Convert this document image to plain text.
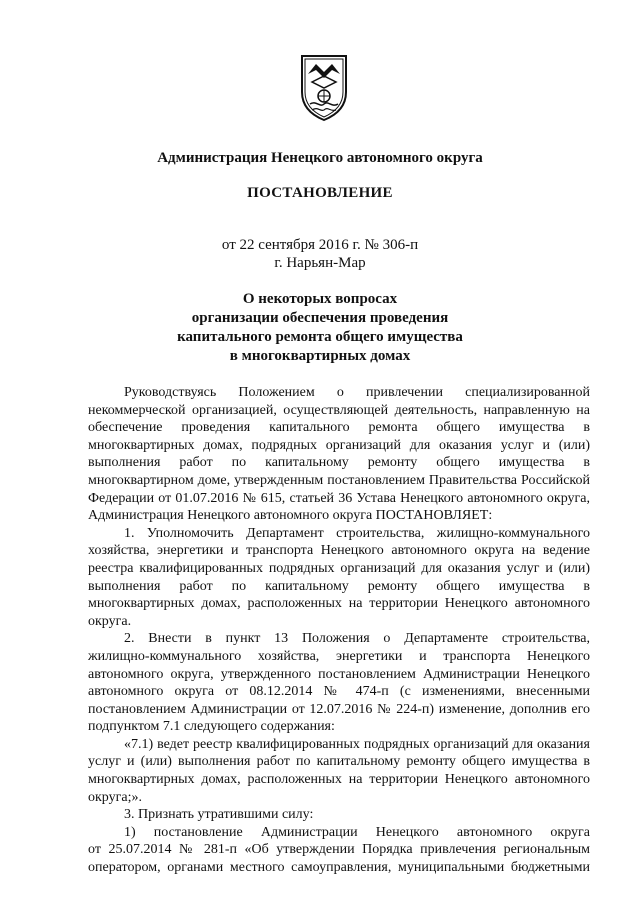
Администрация Ненецкого автономного округа
ПОСТАНОВЛЕНИЕ
от 22 сентября 2016 г. № 306-п
г. Нарьян-Мар
О некоторых вопросах
организации обеспечения проведения
капитального ремонта общего имущества
в многоквартирных домах
Руководствуясь Положением о привлечении специализированной
некоммерческой организацией, осуществляющей деятельность, направленную на
обеспечение проведения капитального ремонта общего имущества в
многоквартирных домах, подрядных организаций для оказания услуг и (или)
выполнения работ по капитальному ремонту общего имущества в
многоквартирном доме, утвержденным постановлением Правительства Российской
Федерации от 01.07.2016 № 615, статьей 36 Устава Ненецкого автономного округа,
Администрация Ненецкого автономного округа ПОСТАНОВЛЯЕТ:
1. Уполномочить Департамент строительства, жилищно-коммунального
хозяйства, энергетики и транспорта Ненецкого автономного округа на ведение
реестра квалифицированных подрядных организаций для оказания услуг и (или)
выполнения работ по капитальному ремонту общего имущества в
многоквартирных домах, расположенных на территории Ненецкого автономного
округа.
2. Внести в пункт 13 Положения о Департаменте строительства,
жилищно-коммунального хозяйства, энергетики и транспорта Ненецкого
автономного округа, утвержденного постановлением Администрации Ненецкого
автономного округа от 08.12.2014 № 474-п (с изменениями, внесенными
постановлением Администрации от 12.07.2016 № 224-п) изменение, дополнив его
подпунктом 7.1 следующего содержания:
«7.1) ведет реестр квалифицированных подрядных организаций для оказания
услуг и (или) выполнения работ по капитальному ремонту общего имущества в
многоквартирных домах, расположенных на территории Ненецкого автономного
округа;».
3. Признать утратившими силу:
1) постановление Администрации Ненецкого автономного округа
от 25.07.2014 № 281-п «Об утверждении Порядка привлечения региональным
оператором, органами местного самоуправления, муниципальными бюджетными
